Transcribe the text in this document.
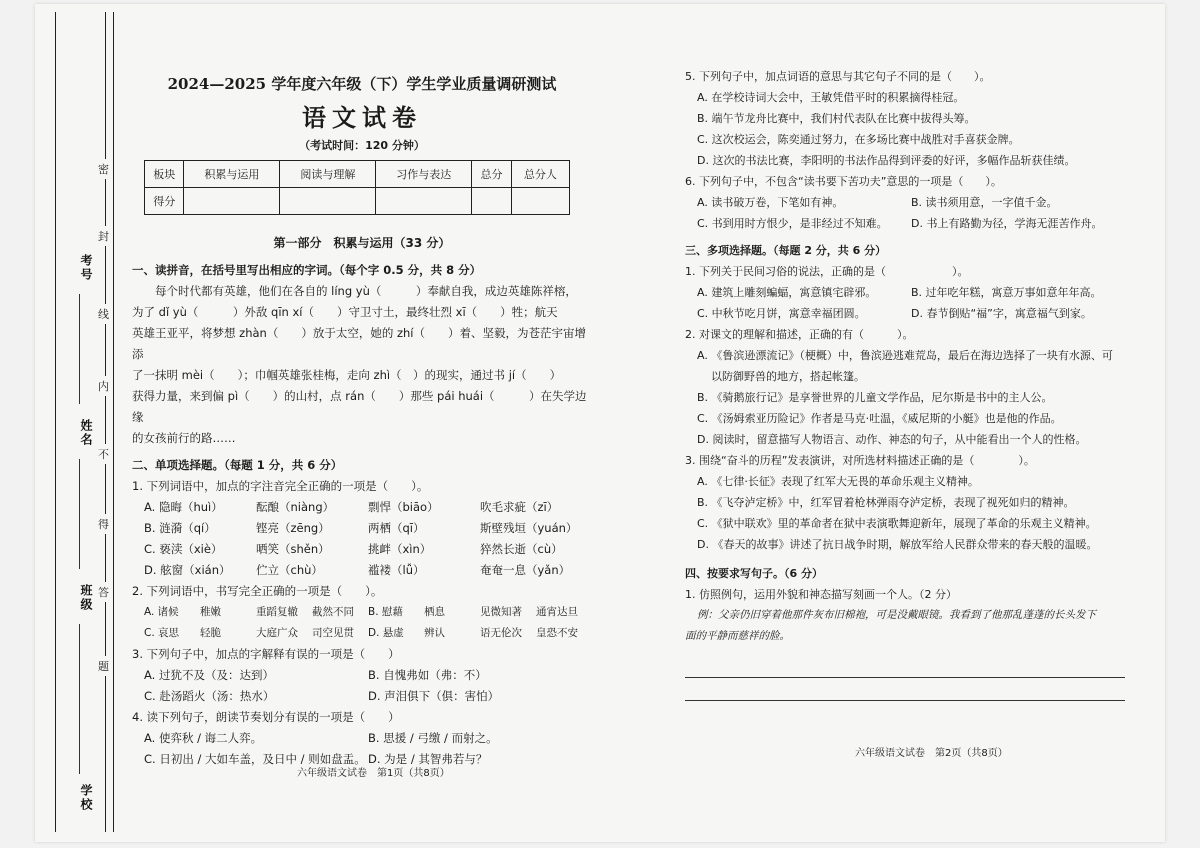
考号
姓名
班级
学校
密
封
线
内
不
得
答
题
2024—2025 学年度六年级（下）学生学业质量调研测试
语文试卷
（考试时间：120 分钟）
板块	积累与运用	阅读与理解	习作与表达	总分	总分人
得分					
第一部分　积累与运用（33 分）
一、读拼音，在括号里写出相应的字词。（每个字 0.5 分，共 8 分）

每个时代都有英雄，他们在各自的 líng yù（　　　）奉献自我，成边英雄陈祥榕，

为了 dǐ yù（　　　）外敌 qīn xí（　　）守卫寸土，最终壮烈 xī（　　）牲；航天

英雄王亚平，将梦想 zhàn（　　）放于太空，她的 zhí（　　）着、坚毅，为苍茫宇宙增添

了一抹明 mèi（　　）；巾帼英雄张桂梅，走向 zhì（　）的现实，通过书 jí（　　）

获得力量，来到偏 pì（　　）的山村，点 rán（　　）那些 pái huái（　　　）在失学边缘

的女孩前行的路……

二、单项选择题。（每题 1 分，共 6 分）

1. 下列词语中，加点的字注音完全正确的一项是（　　）。

A. 隐晦（huì）	酝酿（niàng）	剽悍（biāo）	吹毛求疵（zī）
B. 涟漪（qí）	铿亮（zēng）	两栖（qī）	斯壁残垣（yuán）
C. 亵渎（xiè）	哂笑（shěn）	挑衅（xìn）	猝然长逝（cù）
D. 舷窗（xián）	伫立（chù）	褴褛（lǚ）	奄奄一息（yǎn）

2. 下列词语中，书写完全正确的一项是（　　）。

A. 诸候	稚嫩	重蹈复辙	截然不同	B. 慰藉	栖息	见微知著	通宵达旦
C. 哀思	轻脆	大庭广众	司空见贯	D. 悬虚	辨认	语无伦次	皇恐不安

3. 下列句子中，加点的字解释有误的一项是（　　）

A. 过犹不及（及：达到）	B. 自愧弗如（弗：不）
C. 赴汤蹈火（汤：热水）	D. 声泪俱下（俱：害怕）

4. 读下列句子，朗读节奏划分有误的一项是（　　）

A. 使弈秋 / 诲二人弈。	B. 思援 / 弓缴 / 而射之。
C. 日初出 / 大如车盖，及日中 / 则如盘盂。 D. 为是 / 其智弗若与？
六年级语文试卷　第1页（共8页）

5. 下列句子中，加点词语的意思与其它句子不同的是（　　）。

A. 在学校诗词大会中，王敏凭借平时的积累摘得桂冠。

B. 端午节龙舟比赛中，我们村代表队在比赛中拔得头筹。

C. 这次校运会，陈奕通过努力，在多场比赛中战胜对手喜获金牌。

D. 这次的书法比赛，李阳明的书法作品得到评委的好评，多幅作品斩获佳绩。

6. 下列句子中，不包含“读书要下苦功夫”意思的一项是（　　）。

A. 读书破万卷，下笔如有神。	B. 读书须用意，一字值千金。
C. 书到用时方恨少，是非经过不知难。	D. 书上有路勤为径，学海无涯苦作舟。
三、多项选择题。（每题 2 分，共 6 分）

1. 下列关于民间习俗的说法，正确的是（　　　　　　）。

A. 建筑上雕刻蝙蝠，寓意镇宅辟邪。	B. 过年吃年糕，寓意万事如意年年高。
C. 中秋节吃月饼，寓意幸福团圆。	D. 春节倒贴“福”字，寓意福气到家。

2. 对课文的理解和描述，正确的有（　　　）。

A. 《鲁滨逊漂流记》（梗概）中，鲁滨逊逃难荒岛，最后在海边选择了一块有水源、可

以防御野兽的地方，搭起帐篷。

B. 《骑鹅旅行记》是享誉世界的儿童文学作品，尼尔斯是书中的主人公。

C. 《汤姆索亚历险记》作者是马克·吐温，《威尼斯的小艇》也是他的作品。

D. 阅读时，留意描写人物语言、动作、神态的句子，从中能看出一个人的性格。

3. 围绕“奋斗的历程”发表演讲，对所选材料描述正确的是（　　　　）。

A. 《七律·长征》表现了红军大无畏的革命乐观主义精神。

B. 《飞夺泸定桥》中，红军冒着枪林弹雨夺泸定桥，表现了视死如归的精神。

C. 《狱中联欢》里的革命者在狱中表演歌舞迎新年，展现了革命的乐观主义精神。

D. 《春天的故事》讲述了抗日战争时期，解放军给人民群众带来的春天般的温暖。

四、按要求写句子。（6 分）

1. 仿照例句，运用外貌和神态描写刻画一个人。（2 分）

例：父亲仍旧穿着他那件灰布旧棉袍，可是没戴眼镜。我看到了他那乱蓬蓬的长头发下

面的平静而慈祥的脸。

六年级语文试卷　第2页（共8页）
